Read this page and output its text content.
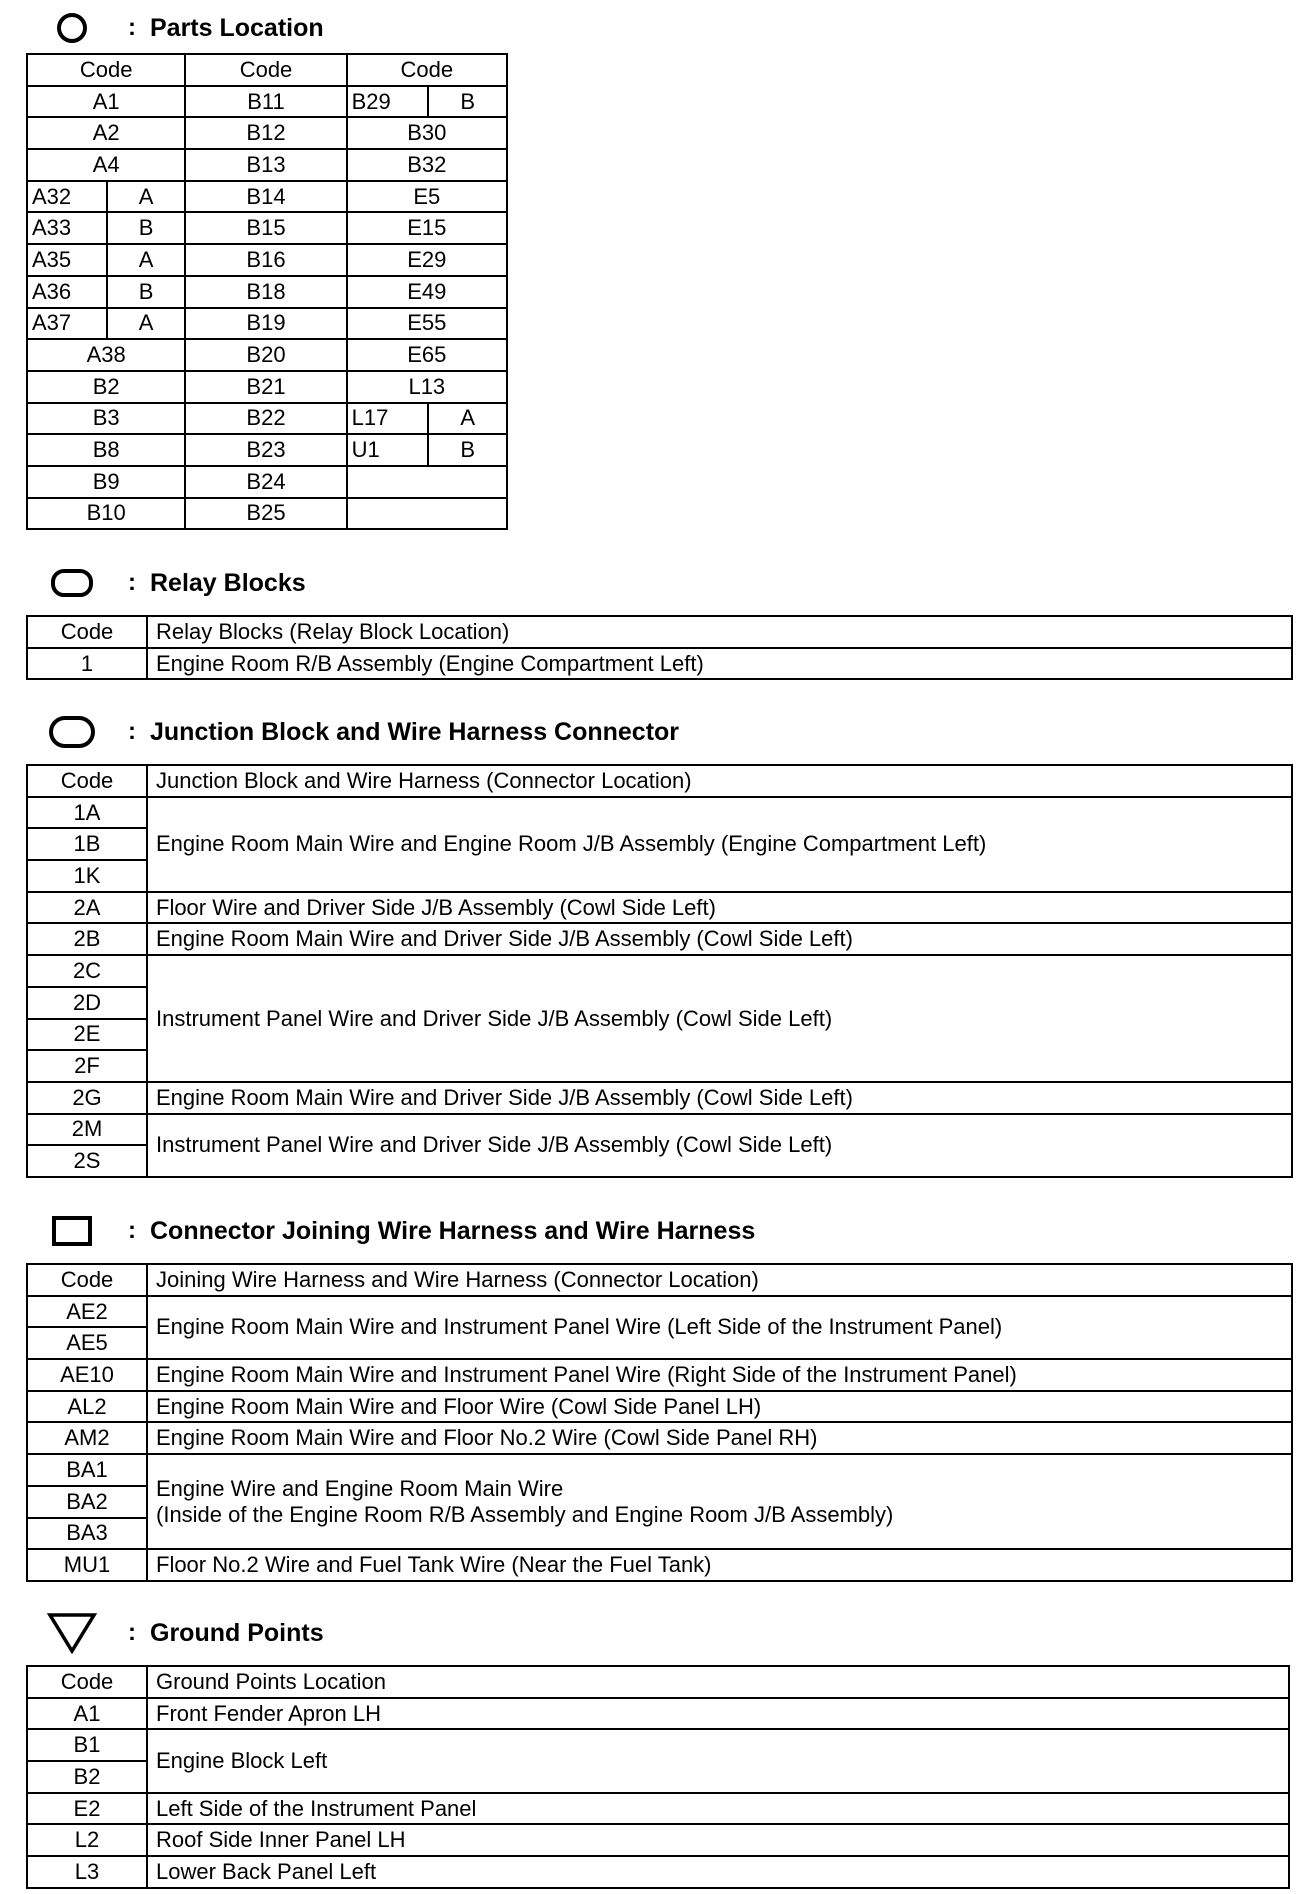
: Parts Location
Code		Code	Code	
A1		B11	B29	B
A2		B12	B30	
A4		B13	B32	
A32	A	B14	E5	
A33	B	B15	E15	
A35	A	B16	E29	
A36	B	B18	E49	
A37	A	B19	E55	
A38		B20	E65	
B2		B21	L13	
B3		B22	L17	A
B8		B23	U1	B
B9		B24		
B10		B25		
: Relay Blocks
Code	Relay Blocks (Relay Block Location)
1	Engine Room R/B Assembly (Engine Compartment Left)
: Junction Block and Wire Harness Connector
Code	Junction Block and Wire Harness (Connector Location)
1A	Engine Room Main Wire and Engine Room J/B Assembly (Engine Compartment Left)

1B	
1K	
2A	Floor Wire and Driver Side J/B Assembly (Cowl Side Left)

2B	Engine Room Main Wire and Driver Side J/B Assembly (Cowl Side Left)

2C	Instrument Panel Wire and Driver Side J/B Assembly (Cowl Side Left)

2D	
2E	
2F	
2G	Engine Room Main Wire and Driver Side J/B Assembly (Cowl Side Left)

2M	Instrument Panel Wire and Driver Side J/B Assembly (Cowl Side Left)

2S	
: Connector Joining Wire Harness and Wire Harness
Code	Joining Wire Harness and Wire Harness (Connector Location)
AE2	Engine Room Main Wire and Instrument Panel Wire (Left Side of the Instrument Panel)

AE5	
AE10	Engine Room Main Wire and Instrument Panel Wire (Right Side of the Instrument Panel)

AL2	Engine Room Main Wire and Floor Wire (Cowl Side Panel LH)

AM2	Engine Room Main Wire and Floor No.2 Wire (Cowl Side Panel RH)

BA1	Engine Wire and Engine Room Main Wire
(Inside of the Engine Room R/B Assembly and Engine Room J/B Assembly)

BA2	
BA3	
MU1	Floor No.2 Wire and Fuel Tank Wire (Near the Fuel Tank)
: Ground Points
Code	Ground Points Location
A1	Front Fender Apron LH

B1	Engine Block Left

B2	
E2	Left Side of the Instrument Panel

L2	Roof Side Inner Panel LH

L3	Lower Back Panel Left
